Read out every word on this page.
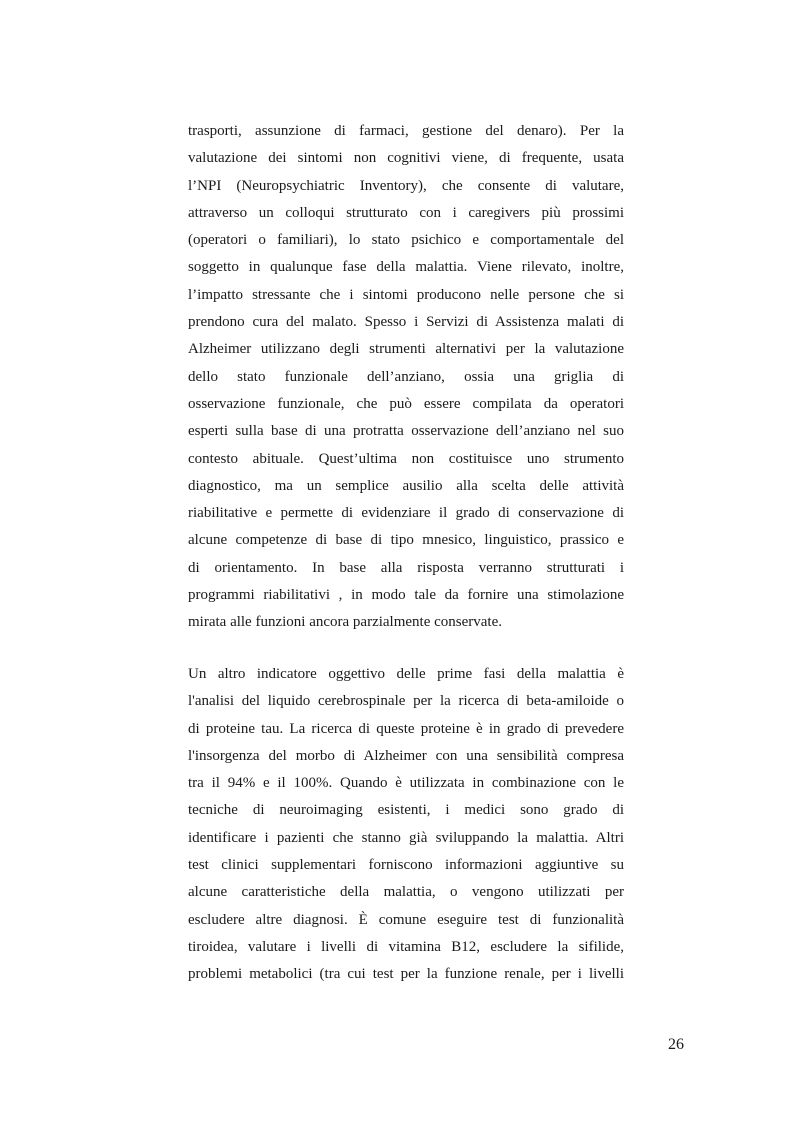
trasporti, assunzione di farmaci, gestione del denaro). Per la
valutazione dei sintomi non cognitivi viene, di frequente, usata
l’NPI (Neuropsychiatric Inventory), che consente di valutare,
attraverso un colloqui strutturato con i caregivers più prossimi
(operatori o familiari), lo stato psichico e comportamentale del
soggetto in qualunque fase della malattia. Viene rilevato, inoltre,
l’impatto stressante che i sintomi producono nelle persone che si
prendono cura del malato. Spesso i Servizi di Assistenza malati di
Alzheimer utilizzano degli strumenti alternativi per la valutazione
dello stato funzionale dell’anziano, ossia una griglia di
osservazione funzionale, che può essere compilata da operatori
esperti sulla base di una protratta osservazione dell’anziano nel suo
contesto abituale. Quest’ultima non costituisce uno strumento
diagnostico, ma un semplice ausilio alla scelta delle attività
riabilitative e permette di evidenziare il grado di conservazione di
alcune competenze di base di tipo mnesico, linguistico, prassico e
di orientamento. In base alla risposta verranno strutturati i
programmi riabilitativi , in modo tale da fornire una stimolazione
mirata alle funzioni ancora parzialmente conservate.
Un altro indicatore oggettivo delle prime fasi della malattia è
l'analisi del liquido cerebrospinale per la ricerca di beta-amiloide o
di proteine tau. La ricerca di queste proteine è in grado di prevedere
l'insorgenza del morbo di Alzheimer con una sensibilità compresa
tra il 94% e il 100%. Quando è utilizzata in combinazione con le
tecniche di neuroimaging esistenti, i medici sono grado di
identificare i pazienti che stanno già sviluppando la malattia. Altri
test clinici supplementari forniscono informazioni aggiuntive su
alcune caratteristiche della malattia, o vengono utilizzati per
escludere altre diagnosi. È comune eseguire test di funzionalità
tiroidea, valutare i livelli di vitamina B12, escludere la sifilide,
problemi metabolici (tra cui test per la funzione renale, per i livelli
26
